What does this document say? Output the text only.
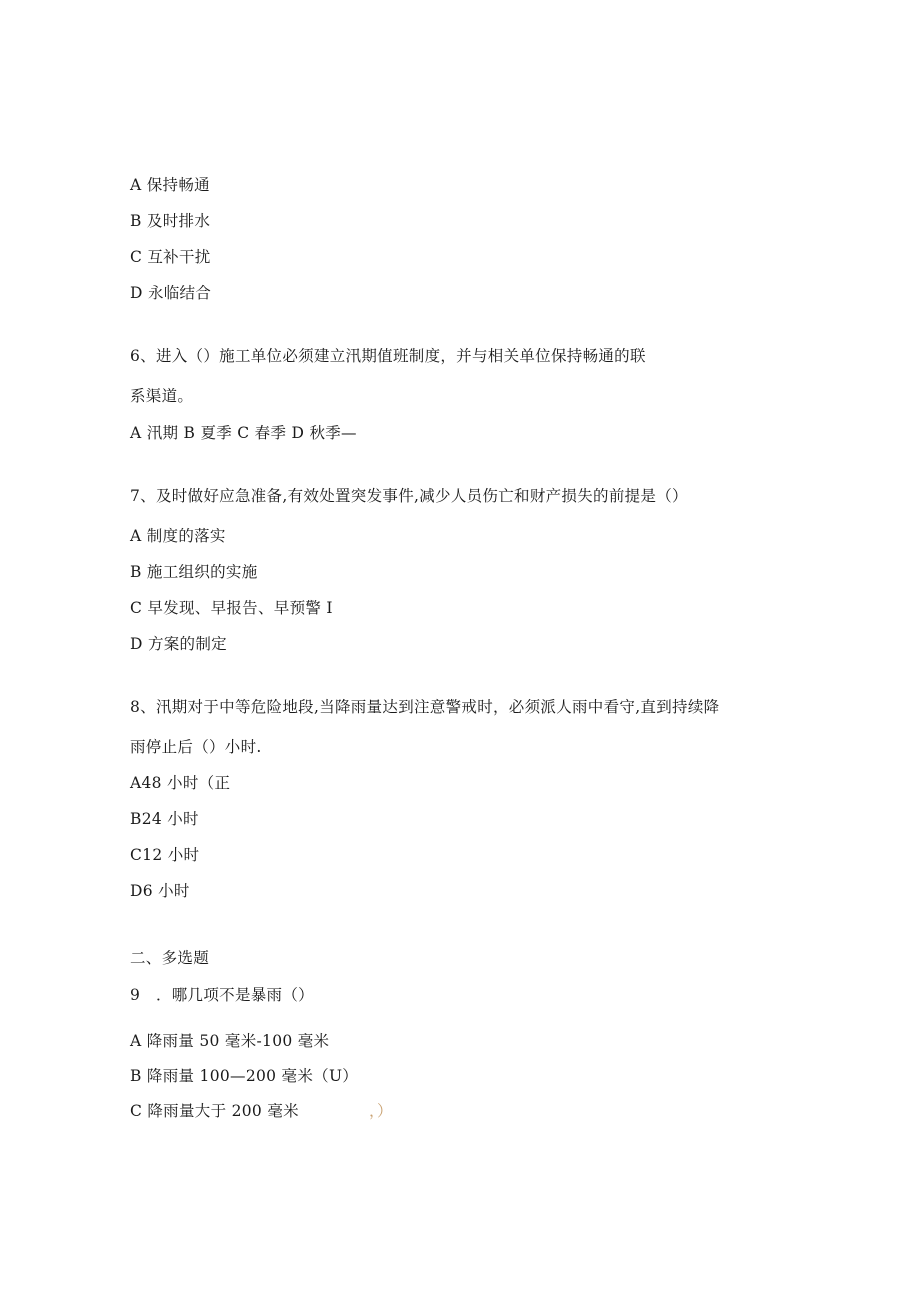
A 保持畅通
B 及时排水
C 互补干扰
D 永临结合
6、进入（）施工单位必须建立汛期值班制度，并与相关单位保持畅通的联
系渠道。
A 汛期 B 夏季 C 春季 D 秋季—
7、及时做好应急准备,有效处置突发事件,减少人员伤亡和财产损失的前提是（）
A 制度的落实
B 施工组织的实施
C 早发现、早报告、早预警 I
D 方案的制定
8、汛期对于中等危险地段,当降雨量达到注意警戒时，必须派人雨中看守,直到持续降
雨停止后（）小时.
A48 小时（正
B24 小时
C12 小时
D6 小时
二、多选题
9　．哪几项不是暴雨（）
A 降雨量 50 毫米-100 毫米
B 降雨量 100—200 毫米（U）
C 降雨量大于 200 毫米	，）
